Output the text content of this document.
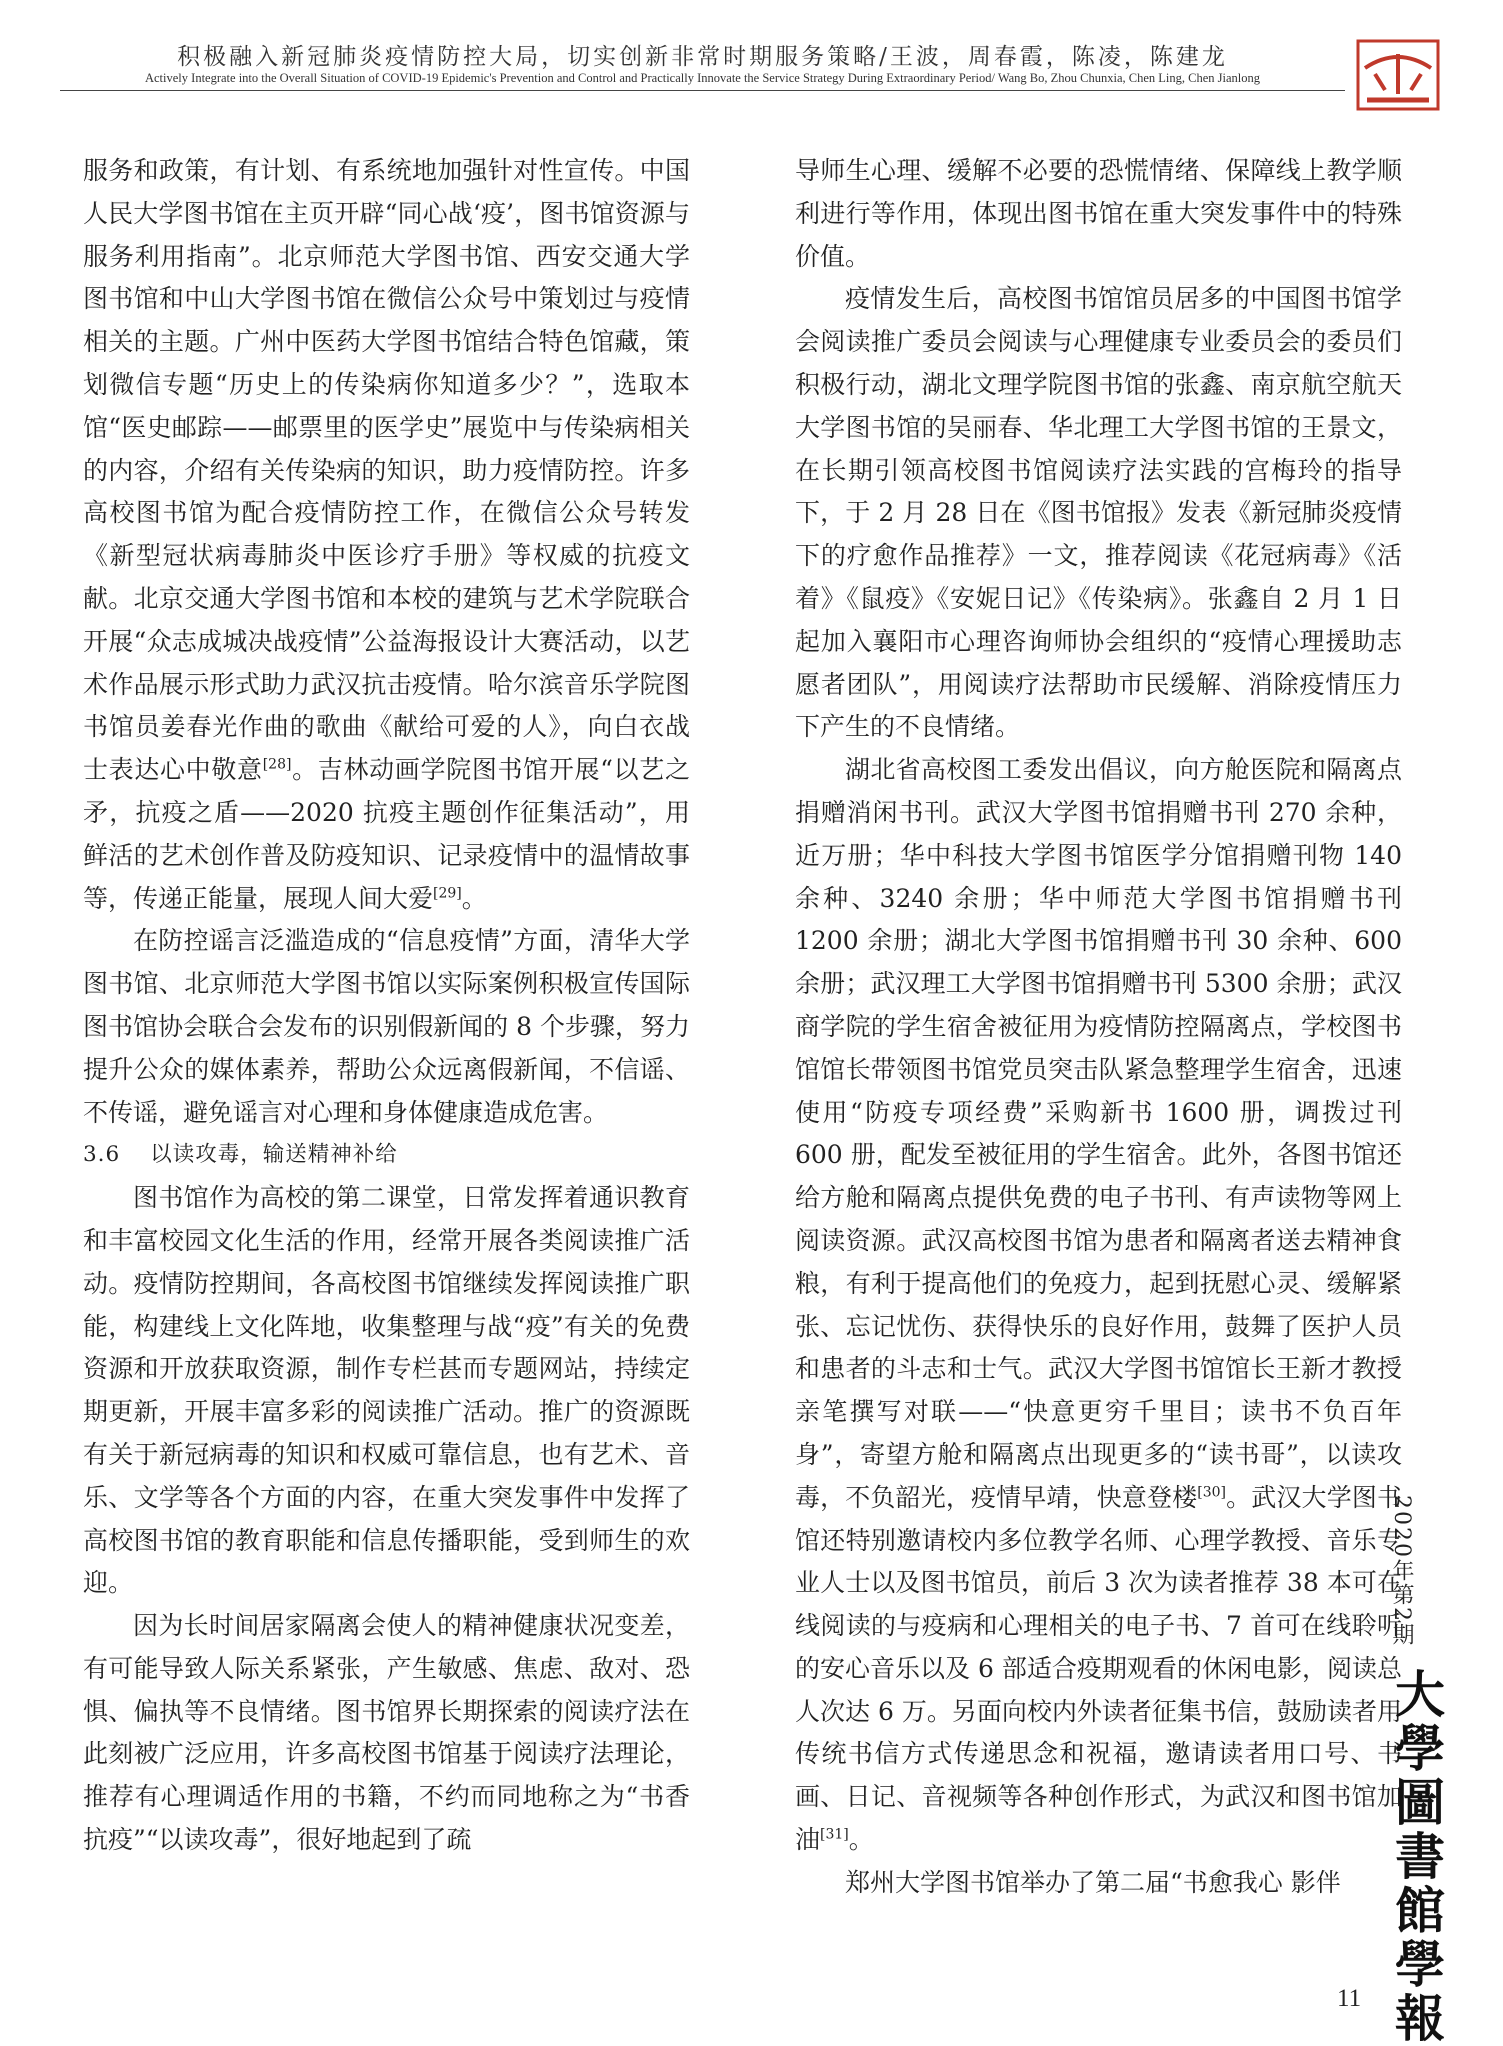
积极融入新冠肺炎疫情防控大局，切实创新非常时期服务策略/王波，周春霞，陈凌，陈建龙
Actively Integrate into the Overall Situation of COVID-19 Epidemic's Prevention and Control and Practically Innovate the Service Strategy During Extraordinary Period/ Wang Bo, Zhou Chunxia, Chen Ling, Chen Jianlong

服务和政策，有计划、有系统地加强针对性宣传。中国人民大学图书馆在主页开辟“同心战‘疫’，图书馆资源与服务利用指南”。北京师范大学图书馆、西安交通大学图书馆和中山大学图书馆在微信公众号中策划过与疫情相关的主题。广州中医药大学图书馆结合特色馆藏，策划微信专题“历史上的传染病你知道多少？”，选取本馆“医史邮踪——邮票里的医学史”展览中与传染病相关的内容，介绍有关传染病的知识，助力疫情防控。许多高校图书馆为配合疫情防控工作，在微信公众号转发《新型冠状病毒肺炎中医诊疗手册》等权威的抗疫文献。北京交通大学图书馆和本校的建筑与艺术学院联合开展“众志成城决战疫情”公益海报设计大赛活动，以艺术作品展示形式助力武汉抗击疫情。哈尔滨音乐学院图书馆员姜春光作曲的歌曲《献给可爱的人》，向白衣战士表达心中敬意[28]。吉林动画学院图书馆开展“以艺之矛，抗疫之盾——2020 抗疫主题创作征集活动”，用鲜活的艺术创作普及防疫知识、记录疫情中的温情故事等，传递正能量，展现人间大爱[29]。

在防控谣言泛滥造成的“信息疫情”方面，清华大学图书馆、北京师范大学图书馆以实际案例积极宣传国际图书馆协会联合会发布的识别假新闻的 8 个步骤，努力提升公众的媒体素养，帮助公众远离假新闻，不信谣、不传谣，避免谣言对心理和身体健康造成危害。

3.6 以读攻毒，输送精神补给

图书馆作为高校的第二课堂，日常发挥着通识教育和丰富校园文化生活的作用，经常开展各类阅读推广活动。疫情防控期间，各高校图书馆继续发挥阅读推广职能，构建线上文化阵地，收集整理与战“疫”有关的免费资源和开放获取资源，制作专栏甚而专题网站，持续定期更新，开展丰富多彩的阅读推广活动。推广的资源既有关于新冠病毒的知识和权威可靠信息，也有艺术、音乐、文学等各个方面的内容，在重大突发事件中发挥了高校图书馆的教育职能和信息传播职能，受到师生的欢迎。

因为长时间居家隔离会使人的精神健康状况变差，有可能导致人际关系紧张，产生敏感、焦虑、敌对、恐惧、偏执等不良情绪。图书馆界长期探索的阅读疗法在此刻被广泛应用，许多高校图书馆基于阅读疗法理论，推荐有心理调适作用的书籍，不约而同地称之为“书香抗疫”“以读攻毒”，很好地起到了疏

导师生心理、缓解不必要的恐慌情绪、保障线上教学顺利进行等作用，体现出图书馆在重大突发事件中的特殊价值。

疫情发生后，高校图书馆馆员居多的中国图书馆学会阅读推广委员会阅读与心理健康专业委员会的委员们积极行动，湖北文理学院图书馆的张鑫、南京航空航天大学图书馆的吴丽春、华北理工大学图书馆的王景文，在长期引领高校图书馆阅读疗法实践的宫梅玲的指导下，于 2 月 28 日在《图书馆报》发表《新冠肺炎疫情下的疗愈作品推荐》一文，推荐阅读《花冠病毒》《活着》《鼠疫》《安妮日记》《传染病》。张鑫自 2 月 1 日起加入襄阳市心理咨询师协会组织的“疫情心理援助志愿者团队”，用阅读疗法帮助市民缓解、消除疫情压力下产生的不良情绪。

湖北省高校图工委发出倡议，向方舱医院和隔离点捐赠消闲书刊。武汉大学图书馆捐赠书刊 270 余种，近万册；华中科技大学图书馆医学分馆捐赠刊物 140 余种、3240 余册；华中师范大学图书馆捐赠书刊 1200 余册；湖北大学图书馆捐赠书刊 30 余种、600 余册；武汉理工大学图书馆捐赠书刊 5300 余册；武汉商学院的学生宿舍被征用为疫情防控隔离点，学校图书馆馆长带领图书馆党员突击队紧急整理学生宿舍，迅速使用“防疫专项经费”采购新书 1600 册，调拨过刊 600 册，配发至被征用的学生宿舍。此外，各图书馆还给方舱和隔离点提供免费的电子书刊、有声读物等网上阅读资源。武汉高校图书馆为患者和隔离者送去精神食粮，有利于提高他们的免疫力，起到抚慰心灵、缓解紧张、忘记忧伤、获得快乐的良好作用，鼓舞了医护人员和患者的斗志和士气。武汉大学图书馆馆长王新才教授亲笔撰写对联——“快意更穷千里目；读书不负百年身”，寄望方舱和隔离点出现更多的“读书哥”，以读攻毒，不负韶光，疫情早靖，快意登楼[30]。武汉大学图书馆还特别邀请校内多位教学名师、心理学教授、音乐专业人士以及图书馆员，前后 3 次为读者推荐 38 本可在线阅读的与疫病和心理相关的电子书、7 首可在线聆听的安心音乐以及 6 部适合疫期观看的休闲电影，阅读总人次达 6 万。另面向校内外读者征集书信，鼓励读者用传统书信方式传递思念和祝福，邀请读者用口号、书画、日记、音视频等各种创作形式，为武汉和图书馆加油[31]。

郑州大学图书馆举办了第二届“书愈我心 影伴

2020年第2期
大學圖書館學報
11
